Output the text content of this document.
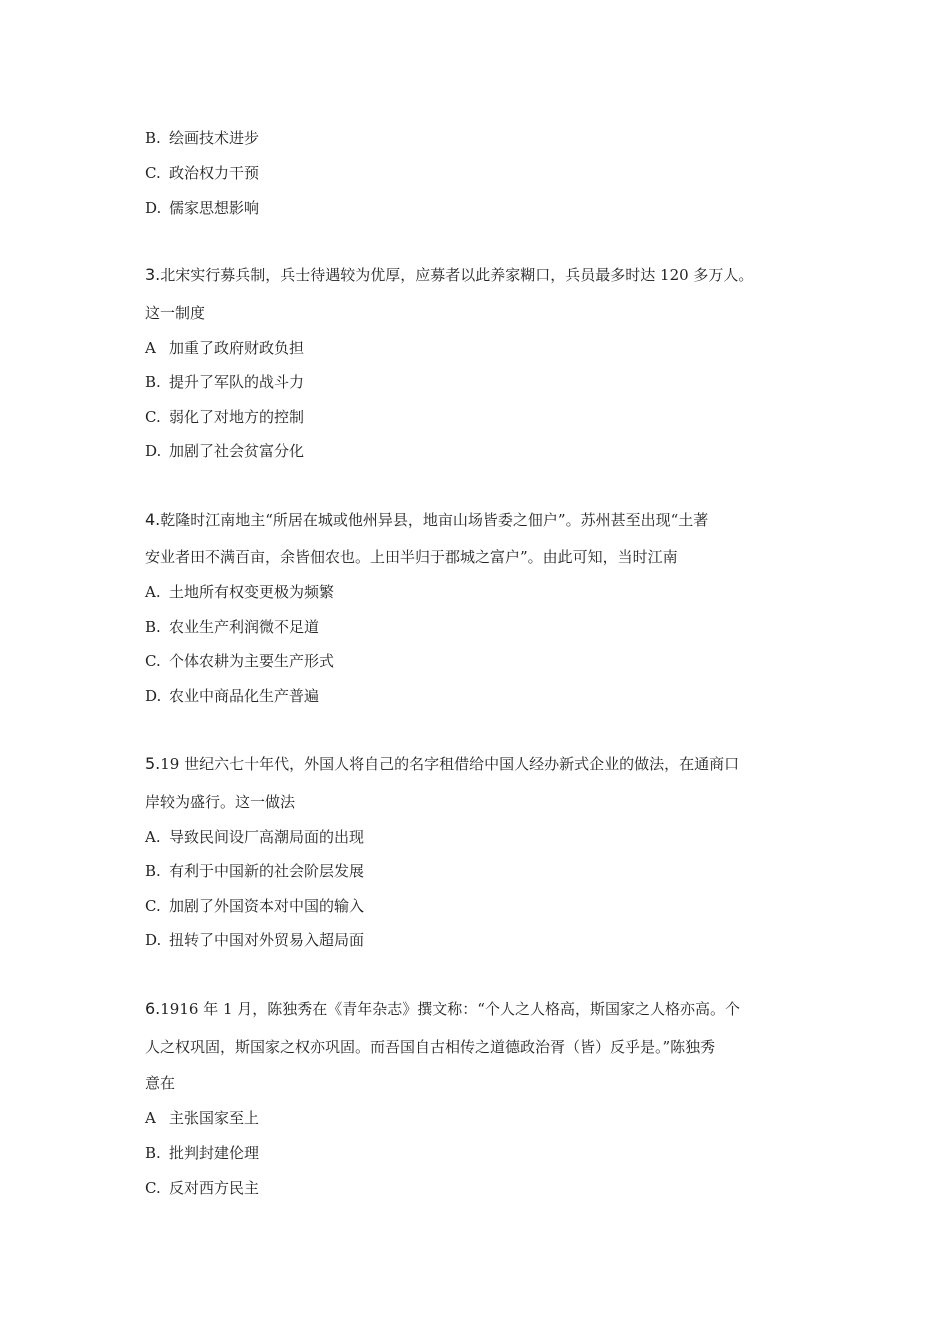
B. 绘画技术进步
C. 政治权力干预
D. 儒家思想影响
3.北宋实行募兵制，兵士待遇较为优厚，应募者以此养家糊口，兵员最多时达 120 多万人。
这一制度
A 加重了政府财政负担
B. 提升了军队的战斗力
C. 弱化了对地方的控制
D. 加剧了社会贫富分化
4.乾隆时江南地主“所居在城或他州异县，地亩山场皆委之佃户”。苏州甚至出现“土著
安业者田不满百亩，余皆佃农也。上田半归于郡城之富户”。由此可知，当时江南
A. 土地所有权变更极为频繁
B. 农业生产利润微不足道
C. 个体农耕为主要生产形式
D. 农业中商品化生产普遍
5.19 世纪六七十年代，外国人将自己的名字租借给中国人经办新式企业的做法，在通商口
岸较为盛行。这一做法
A. 导致民间设厂高潮局面的出现
B. 有利于中国新的社会阶层发展
C. 加剧了外国资本对中国的输入
D. 扭转了中国对外贸易入超局面
6.1916 年 1 月，陈独秀在《青年杂志》撰文称：“个人之人格高，斯国家之人格亦高。个
人之权巩固，斯国家之权亦巩固。而吾国自古相传之道德政治胥（皆）反乎是。”陈独秀
意在
A 主张国家至上
B. 批判封建伦理
C. 反对西方民主
